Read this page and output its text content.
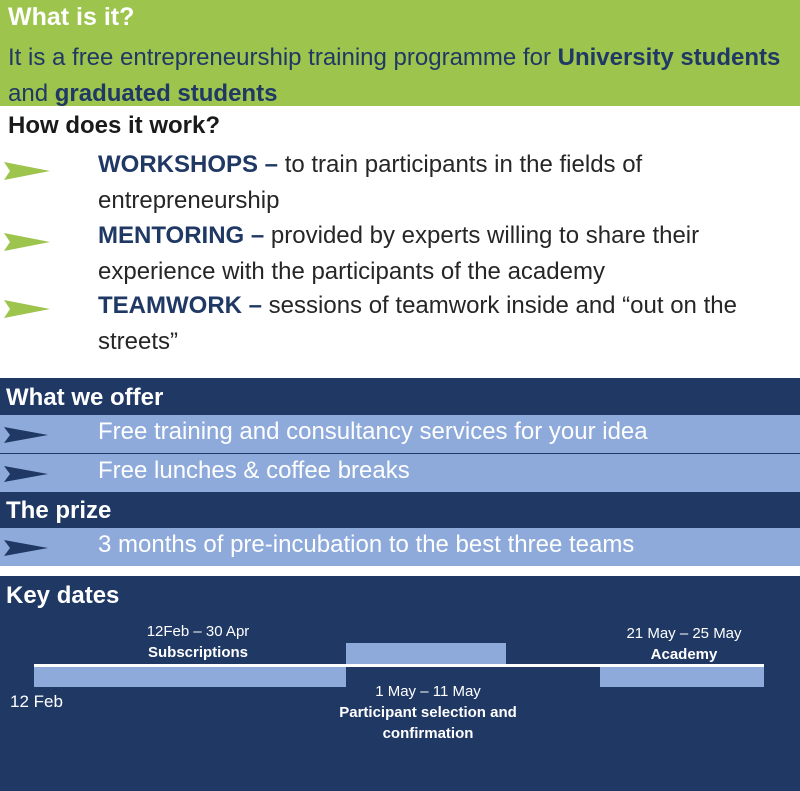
What is it?
It is a free entrepreneurship training programme for University students and graduated students
How does it work?
WORKSHOPS – to train participants in the fields of entrepreneurship
MENTORING – provided by experts willing to share their experience with the participants of the academy
TEAMWORK – sessions of teamwork inside and “out on the streets”
What we offer
Free training and consultancy services for your idea
Free lunches & coffee breaks
The prize
3 months of pre-incubation to the best three teams
Key dates
12Feb – 30 Apr
Subscriptions
1 May – 11 May
Participant selection and confirmation
21 May – 25 May
Academy
12 Feb
